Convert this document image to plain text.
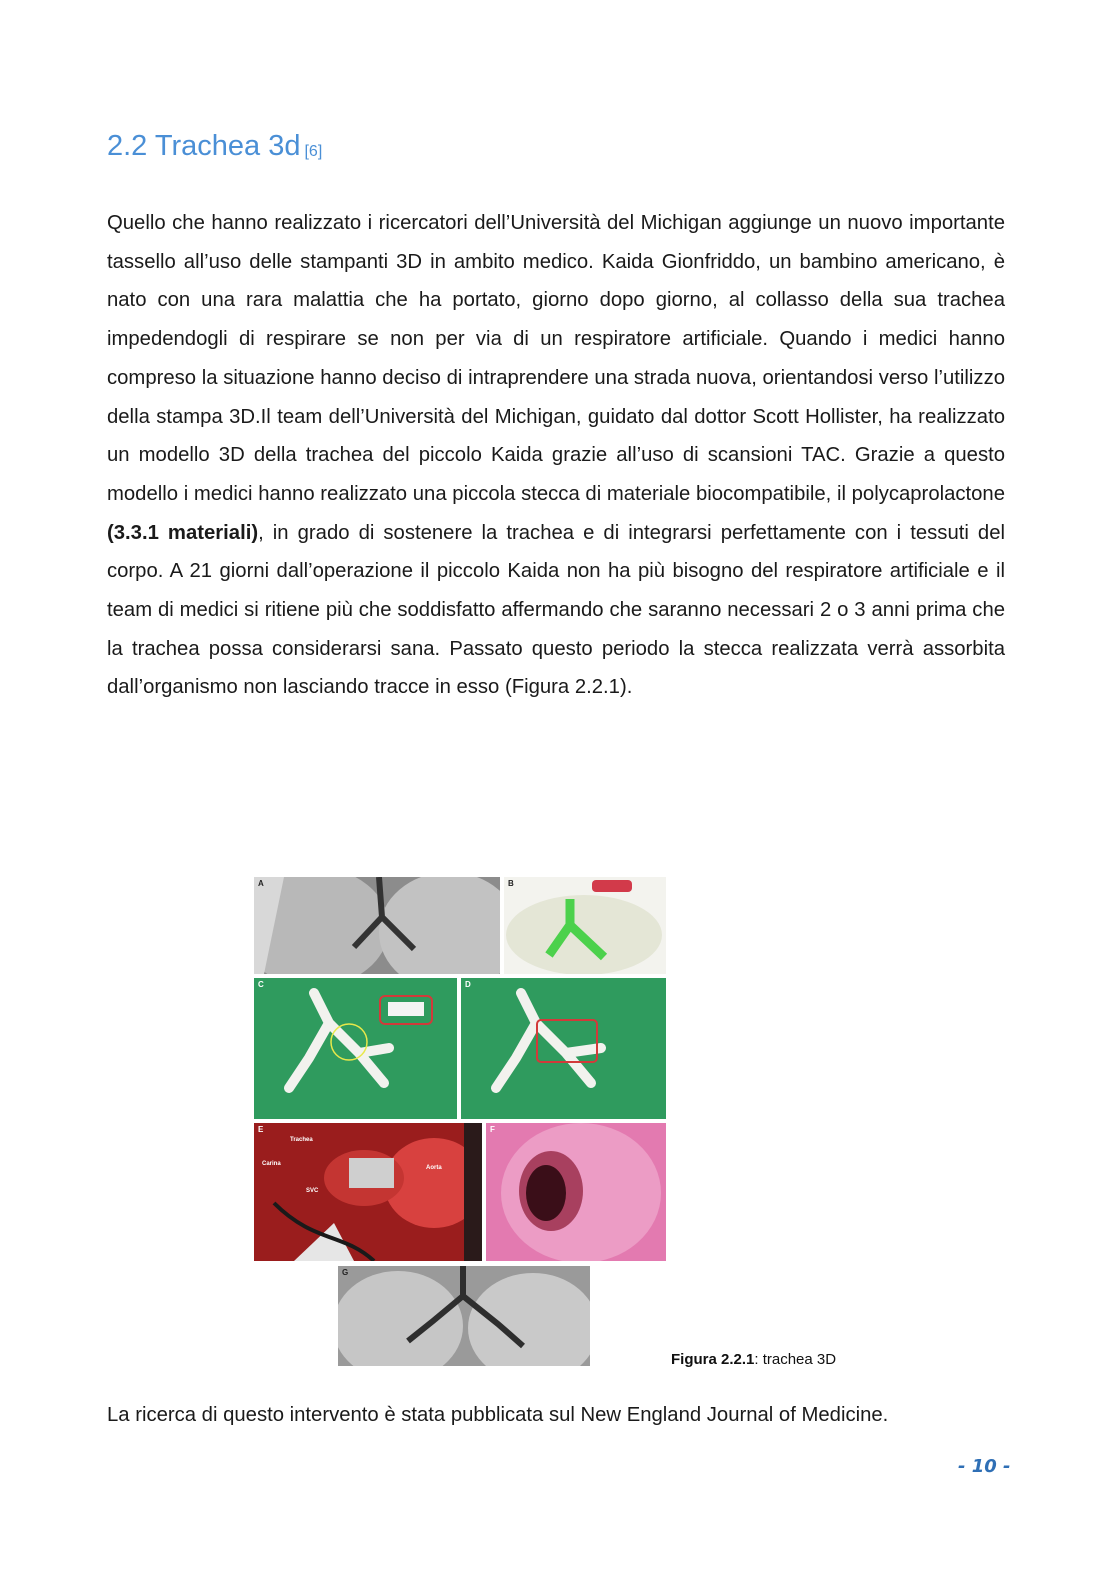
2.2 Trachea 3d [6]

Quello che hanno realizzato i ricercatori dell’Università del Michigan aggiunge un nuovo importante tassello all’uso delle stampanti 3D in ambito medico. Kaida Gionfriddo, un bambino americano, è nato con una rara malattia che ha portato, giorno dopo giorno, al collasso della sua trachea impedendogli di respirare se non per via di un respiratore artificiale. Quando i medici hanno compreso la situazione hanno deciso di intraprendere una strada nuova, orientandosi verso l’utilizzo della stampa 3D.Il team dell’Università del Michigan, guidato dal dottor Scott Hollister, ha realizzato un modello 3D della trachea del piccolo Kaida grazie all’uso di scansioni TAC. Grazie a questo modello i medici hanno realizzato una piccola stecca di materiale biocompatibile, il polycaprolactone (3.3.1 materiali), in grado di sostenere la trachea e di integrarsi perfettamente con i tessuti del corpo. A 21 giorni dall’operazione il piccolo Kaida non ha più bisogno del respiratore artificiale e il team di medici si ritiene più che soddisfatto affermando che saranno necessari 2 o 3 anni prima che la trachea possa considerarsi sana. Passato questo periodo la stecca realizzata verrà assorbita dall’organismo non lasciando tracce in esso (Figura 2.2.1).

A	B
C	D
E
Trachea
Carina
SVC
Aorta
F
G

Figura 2.2.1: trachea 3D

La ricerca di questo intervento è stata pubblicata sul New England Journal of Medicine.

- 10 -
